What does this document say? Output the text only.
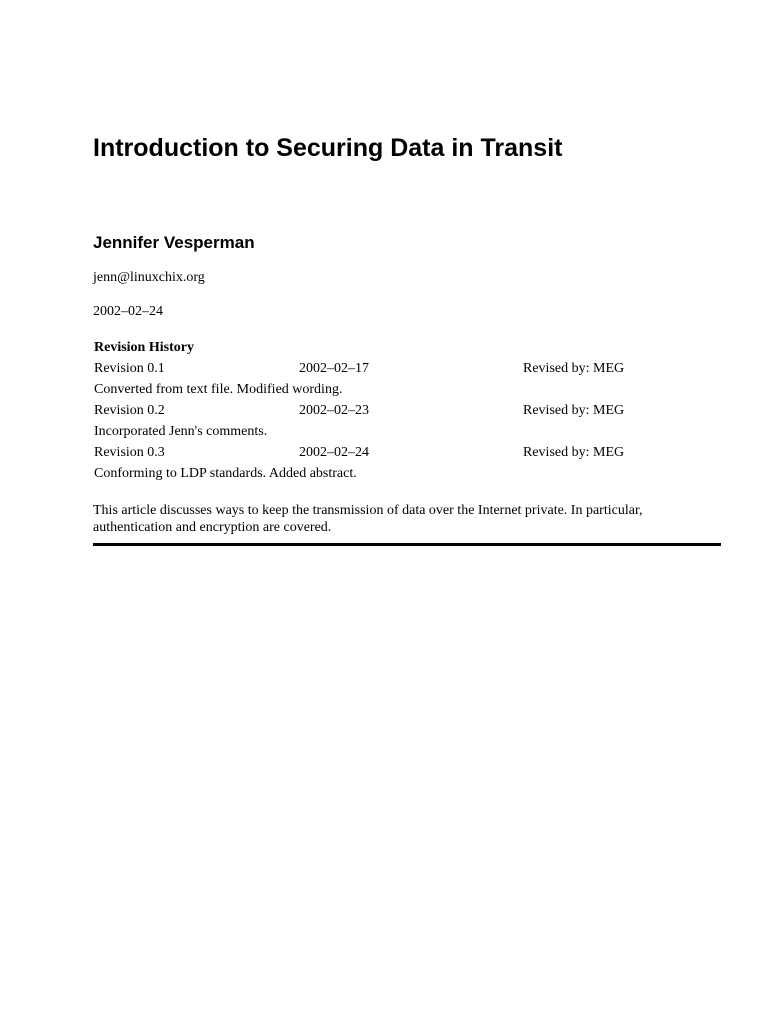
Introduction to Securing Data in Transit
Jennifer Vesperman
jenn@linuxchix.org
2002–02–24
Revision History
Revision 0.1	2002–02–17	Revised by: MEG
Converted from text file. Modified wording.
Revision 0.2	2002–02–23	Revised by: MEG
Incorporated Jenn's comments.
Revision 0.3	2002–02–24	Revised by: MEG
Conforming to LDP standards. Added abstract.

This article discusses ways to keep the transmission of data over the Internet private. In particular, authentication and encryption are covered.
